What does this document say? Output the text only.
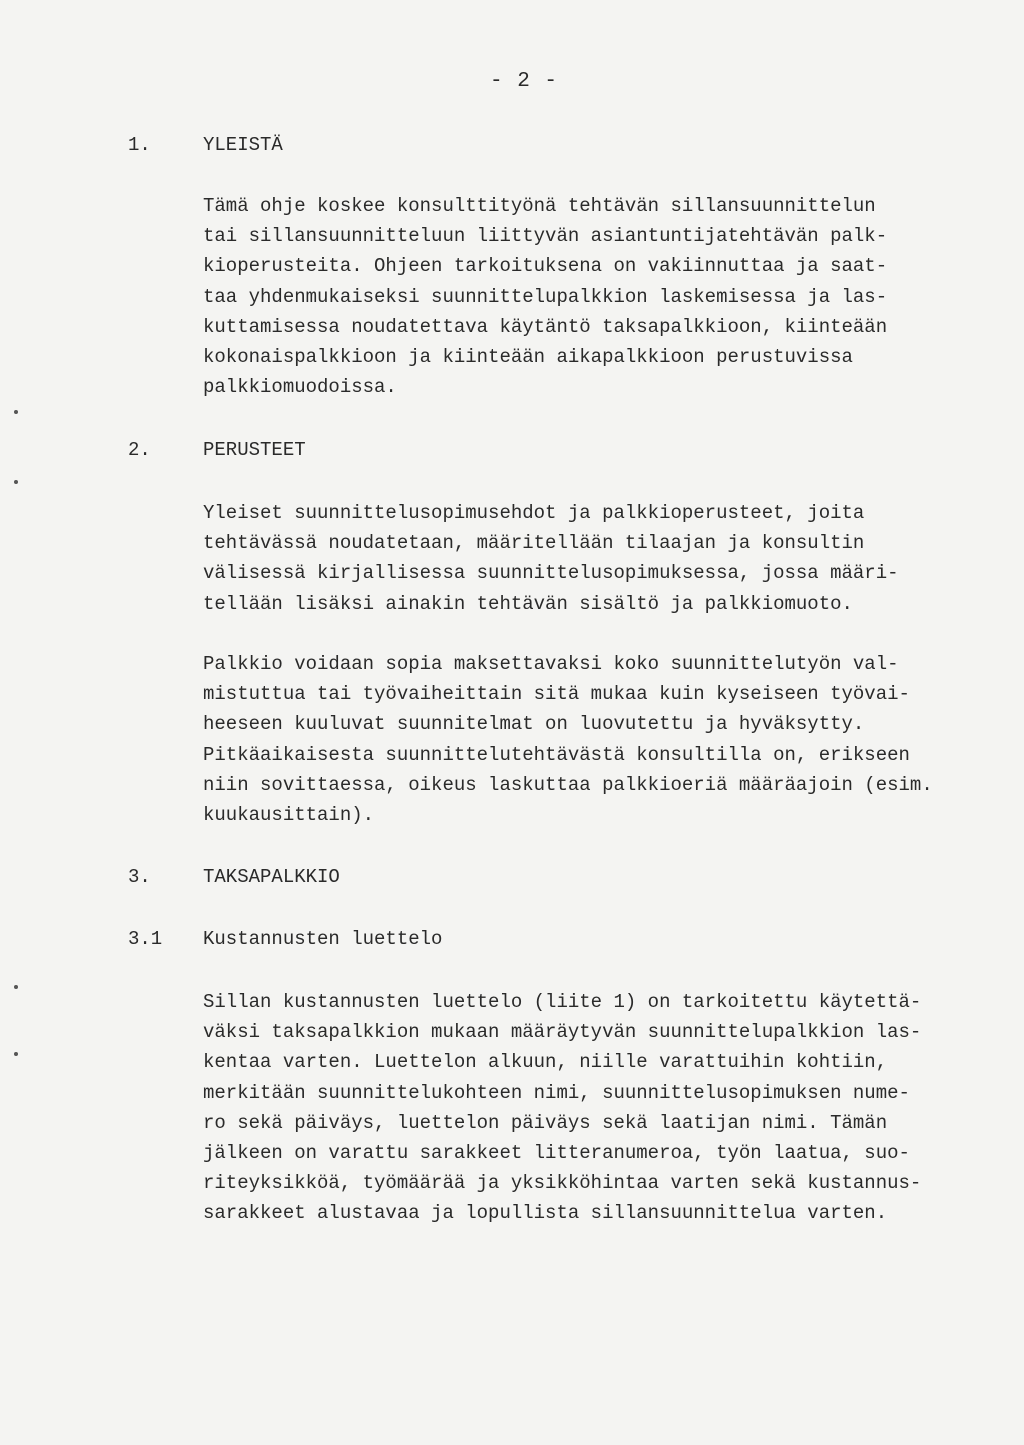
- 2 -
1.	YLEISTÄ
Tämä ohje koskee konsulttityönä tehtävän sillansuunnittelun
tai sillansuunnitteluun liittyvän asiantuntijatehtävän palk-
kioperusteita. Ohjeen tarkoituksena on vakiinnuttaa ja saat-
taa yhdenmukaiseksi suunnittelupalkkion laskemisessa ja las-
kuttamisessa noudatettava käytäntö taksapalkkioon, kiinteään
kokonaispalkkioon ja kiinteään aikapalkkioon perustuvissa
palkkiomuodoissa.
2.	PERUSTEET
Yleiset suunnittelusopimusehdot ja palkkioperusteet, joita
tehtävässä noudatetaan, määritellään tilaajan ja konsultin
välisessä kirjallisessa suunnittelusopimuksessa, jossa määri-
tellään lisäksi ainakin tehtävän sisältö ja palkkiomuoto.
Palkkio voidaan sopia maksettavaksi koko suunnittelutyön val-
mistuttua tai työvaiheittain sitä mukaa kuin kyseiseen työvai-
heeseen kuuluvat suunnitelmat on luovutettu ja hyväksytty.
Pitkäaikaisesta suunnittelutehtävästä konsultilla on, erikseen
niin sovittaessa, oikeus laskuttaa palkkioeriä määräajoin (esim.
kuukausittain).
3.	TAKSAPALKKIO
3.1 Kustannusten luettelo
Sillan kustannusten luettelo (liite 1) on tarkoitettu käytettä-
väksi taksapalkkion mukaan määräytyvän suunnittelupalkkion las-
kentaa varten. Luettelon alkuun, niille varattuihin kohtiin,
merkitään suunnittelukohteen nimi, suunnittelusopimuksen nume-
ro sekä päiväys, luettelon päiväys sekä laatijan nimi. Tämän
jälkeen on varattu sarakkeet litteranumeroa, työn laatua, suo-
riteyksikköä, työmäärää ja yksikköhintaa varten sekä kustannus-
sarakkeet alustavaa ja lopullista sillansuunnittelua varten.
